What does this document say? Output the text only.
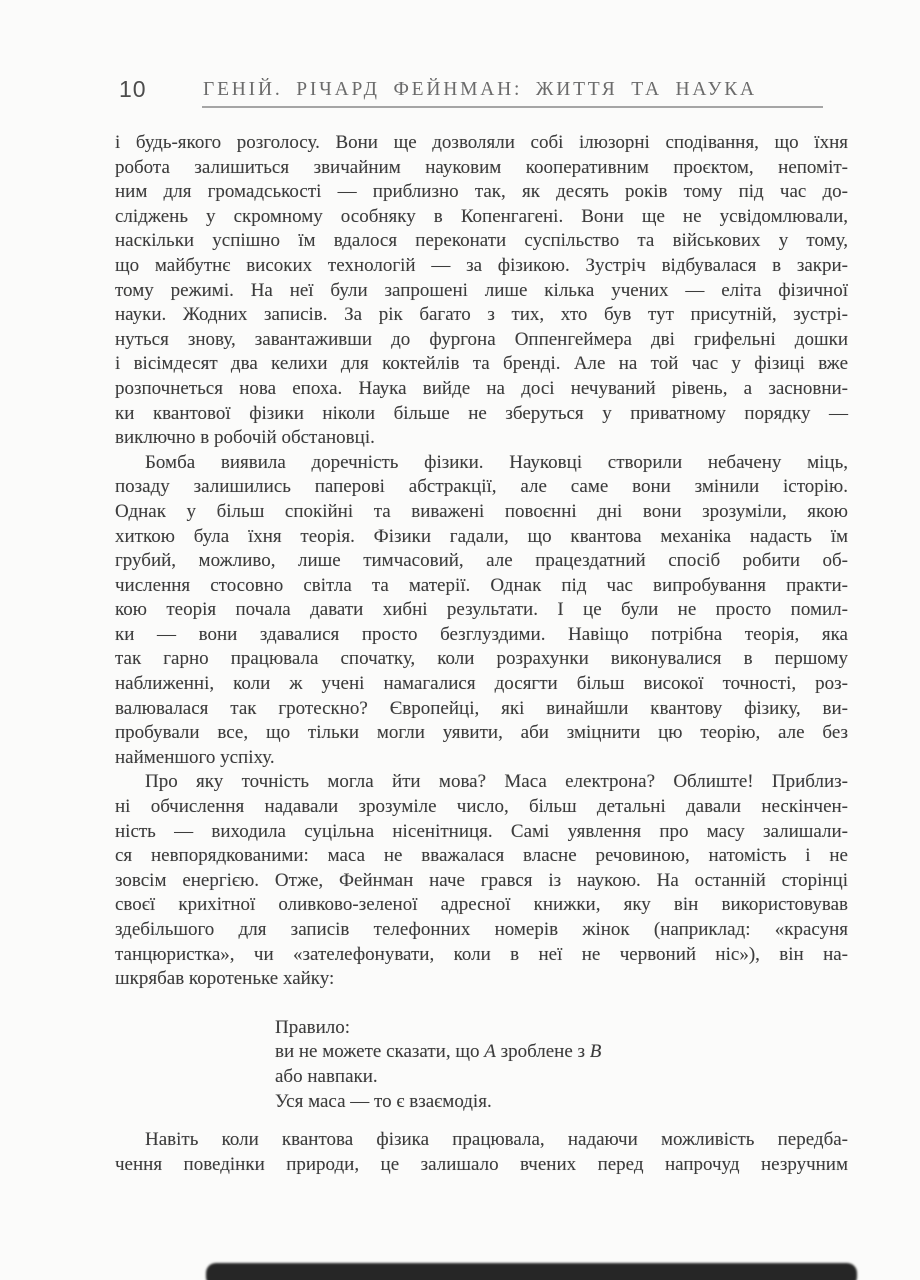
10	ГЕНІЙ. РІЧАРД ФЕЙНМАН: ЖИТТЯ ТА НАУКА
і будь-якого розголосу. Вони ще дозволяли собі ілюзорні сподівання, що їхня
робота залишиться звичайним науковим кооперативним проєктом, непоміт-
ним для громадськості — приблизно так, як десять років тому під час до-
сліджень у скромному особняку в Копенгагені. Вони ще не усвідомлювали,
наскільки успішно їм вдалося переконати суспільство та військових у тому,
що майбутнє високих технологій — за фізикою. Зустріч відбувалася в закри-
тому режимі. На неї були запрошені лише кілька учених — еліта фізичної
науки. Жодних записів. За рік багато з тих, хто був тут присутній, зустрі-
нуться знову, завантаживши до фургона Оппенгеймера дві грифельні дошки
і вісімдесят два келихи для коктейлів та бренді. Але на той час у фізиці вже
розпочнеться нова епоха. Наука вийде на досі нечуваний рівень, а засновни-
ки квантової фізики ніколи більше не зберуться у приватному порядку —
виключно в робочій обстановці.
Бомба виявила доречність фізики. Науковці створили небачену міць,
позаду залишились паперові абстракції, але саме вони змінили історію.
Однак у більш спокійні та виважені повоєнні дні вони зрозуміли, якою
хиткою була їхня теорія. Фізики гадали, що квантова механіка надасть їм
грубий, можливо, лише тимчасовий, але працездатний спосіб робити об-
числення стосовно світла та матерії. Однак під час випробування практи-
кою теорія почала давати хибні результати. І це були не просто помил-
ки — вони здавалися просто безглуздими. Навіщо потрібна теорія, яка
так гарно працювала спочатку, коли розрахунки виконувалися в першому
наближенні, коли ж учені намагалися досягти більш високої точності, роз-
валювалася так гротескно? Європейці, які винайшли квантову фізику, ви-
пробували все, що тільки могли уявити, аби зміцнити цю теорію, але без
найменшого успіху.
Про яку точність могла йти мова? Маса електрона? Облиште! Приблиз-
ні обчислення надавали зрозуміле число, більш детальні давали нескінчен-
ність — виходила суцільна нісенітниця. Самі уявлення про масу залишали-
ся невпорядкованими: маса не вважалася власне речовиною, натомість і не
зовсім енергією. Отже, Фейнман наче грався із наукою. На останній сторінці
своєї крихітної оливково-зеленої адресної книжки, яку він використовував
здебільшого для записів телефонних номерів жінок (наприклад: «красуня
танцюристка», чи «зателефонувати, коли в неї не червоний ніс»), він на-
шкрябав коротеньке хайку:
Правило:
ви не можете сказати, що A зроблене з B
або навпаки.
Уся маса — то є взаємодія.
Навіть коли квантова фізика працювала, надаючи можливість передба-
чення поведінки природи, це залишало вчених перед напрочуд незручним
